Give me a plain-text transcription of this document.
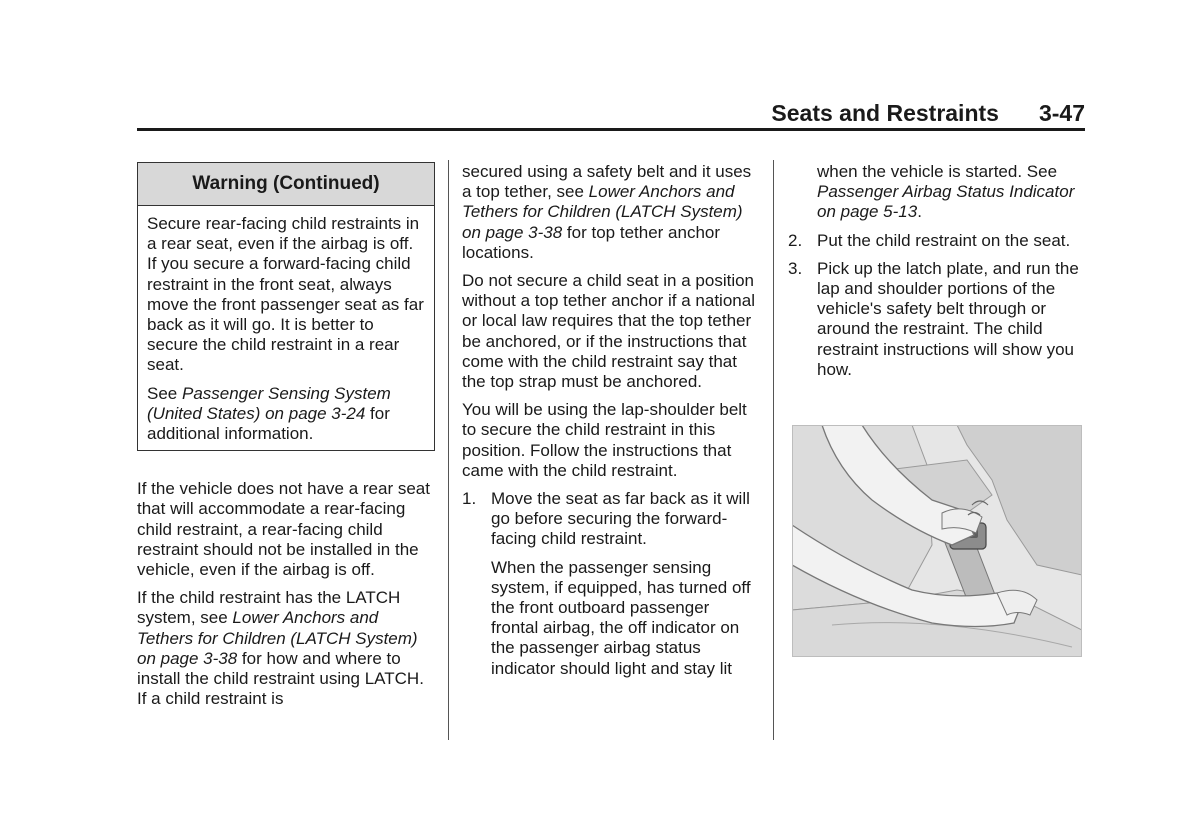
Seats and Restraints 3-47
Warning (Continued)

Secure rear-facing child restraints in a rear seat, even if the airbag is off. If you secure a forward-facing child restraint in the front seat, always move the front passenger seat as far back as it will go. It is better to secure the child restraint in a rear seat.

See Passenger Sensing System (United States) on page 3-24 for additional information.

If the vehicle does not have a rear seat that will accommodate a rear-facing child restraint, a rear-facing child restraint should not be installed in the vehicle, even if the airbag is off.

If the child restraint has the LATCH system, see Lower Anchors and Tethers for Children (LATCH System) on page 3-38 for how and where to install the child restraint using LATCH. If a child restraint is

secured using a safety belt and it uses a top tether, see Lower Anchors and Tethers for Children (LATCH System) on page 3-38 for top tether anchor locations.

Do not secure a child seat in a position without a top tether anchor if a national or local law requires that the top tether be anchored, or if the instructions that come with the child restraint say that the top strap must be anchored.

You will be using the lap-shoulder belt to secure the child restraint in this position. Follow the instructions that came with the child restraint.

1. Move the seat as far back as it will go before securing the forward-facing child restraint.

When the passenger sensing system, if equipped, has turned off the front outboard passenger frontal airbag, the off indicator on the passenger airbag status indicator should light and stay lit

when the vehicle is started. See Passenger Airbag Status Indicator on page 5-13.

2. Put the child restraint on the seat.
3. Pick up the latch plate, and run the lap and shoulder portions of the vehicle's safety belt through or around the restraint. The child restraint instructions will show you how.
